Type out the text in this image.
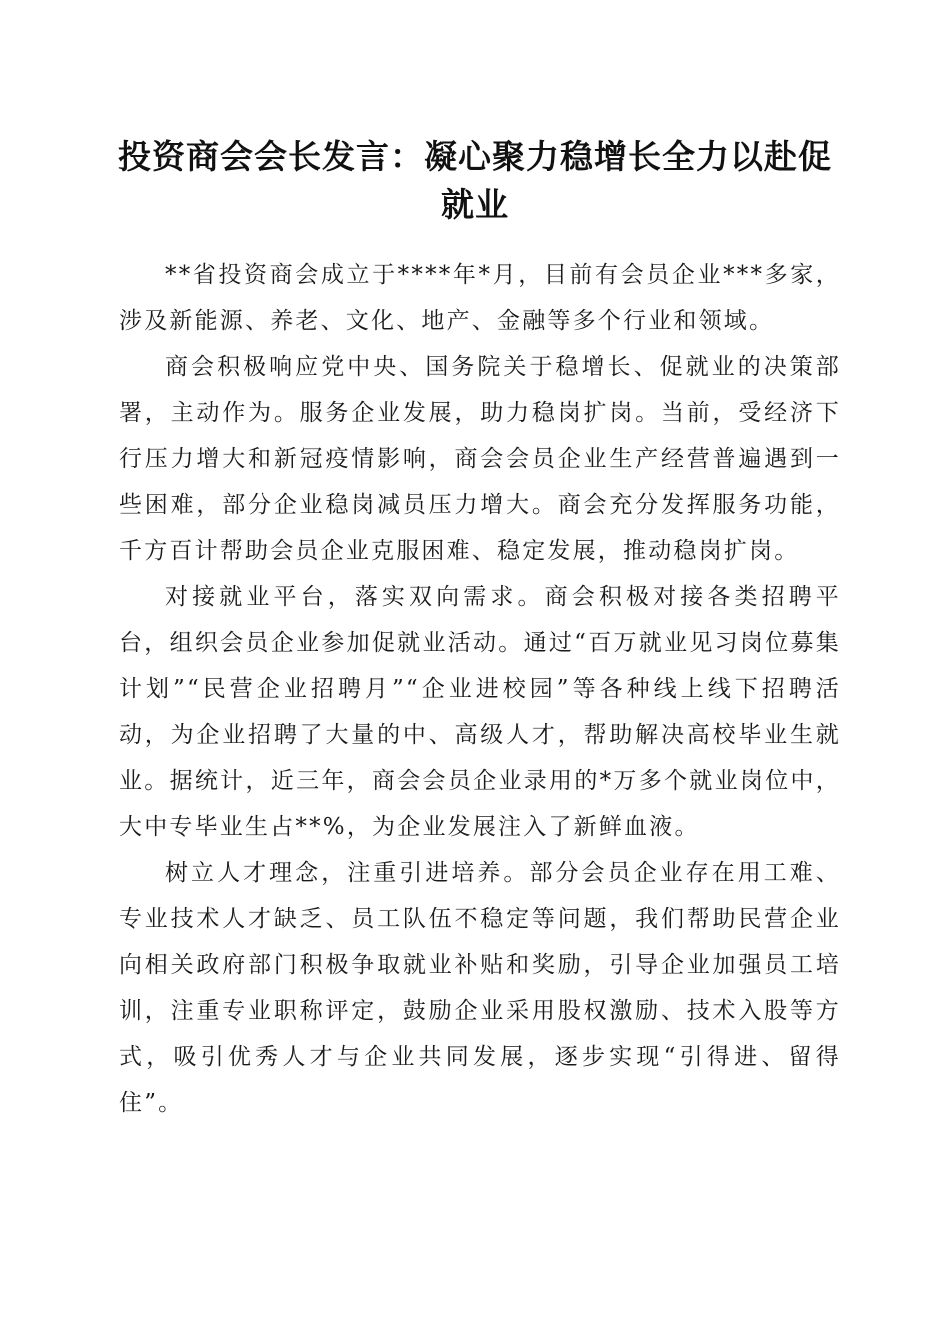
投资商会会长发言：凝心聚力稳增长全力以赴促就业

**省投资商会成立于****年*月，目前有会员企业***多家，涉及新能源、养老、文化、地产、金融等多个行业和领域。

商会积极响应党中央、国务院关于稳增长、促就业的决策部署，主动作为。服务企业发展，助力稳岗扩岗。当前，受经济下行压力增大和新冠疫情影响，商会会员企业生产经营普遍遇到一些困难，部分企业稳岗减员压力增大。商会充分发挥服务功能，千方百计帮助会员企业克服困难、稳定发展，推动稳岗扩岗。

对接就业平台，落实双向需求。商会积极对接各类招聘平台，组织会员企业参加促就业活动。通过“百万就业见习岗位募集计划”“民营企业招聘月”“企业进校园”等各种线上线下招聘活动，为企业招聘了大量的中、高级人才，帮助解决高校毕业生就业。据统计，近三年，商会会员企业录用的*万多个就业岗位中，大中专毕业生占**%，为企业发展注入了新鲜血液。

树立人才理念，注重引进培养。部分会员企业存在用工难、专业技术人才缺乏、员工队伍不稳定等问题，我们帮助民营企业向相关政府部门积极争取就业补贴和奖励，引导企业加强员工培训，注重专业职称评定，鼓励企业采用股权激励、技术入股等方式，吸引优秀人才与企业共同发展，逐步实现“引得进、留得住”。
